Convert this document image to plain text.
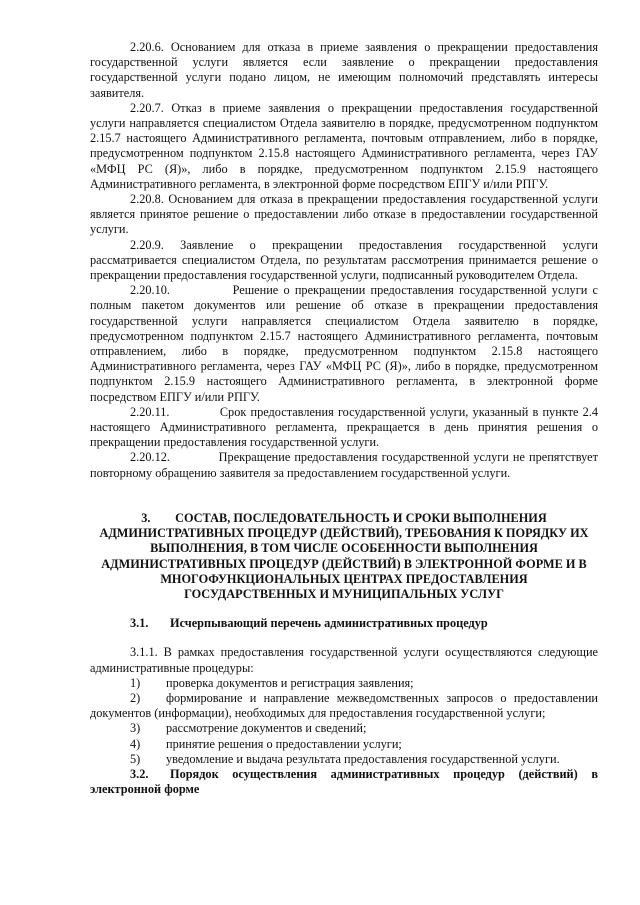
2.20.6. Основанием для отказа в приеме заявления о прекращении предоставления государственной услуги является если заявление о прекращении предоставления государственной услуги подано лицом, не имеющим полномочий представлять интересы заявителя.

2.20.7. Отказ в приеме заявления о прекращении предоставления государственной услуги направляется специалистом Отдела заявителю в порядке, предусмотренном подпунктом 2.15.7 настоящего Административного регламента, почтовым отправлением, либо в порядке, предусмотренном подпунктом 2.15.8 настоящего Административного регламента, через ГАУ «МФЦ РС (Я)», либо в порядке, предусмотренном подпунктом 2.15.9 настоящего Административного регламента, в электронной форме посредством ЕПГУ и/или РПГУ.

2.20.8. Основанием для отказа в прекращении предоставления государственной услуги является принятое решение о предоставлении либо отказе в предоставлении государственной услуги.

2.20.9. Заявление о прекращении предоставления государственной услуги рассматривается специалистом Отдела, по результатам рассмотрения принимается решение о прекращении предоставления государственной услуги, подписанный руководителем Отдела.

2.20.10.            Решение о прекращении предоставления государственной услуги с полным пакетом документов или решение об отказе в прекращении предоставления государственной услуги направляется специалистом Отдела заявителю в порядке, предусмотренном подпунктом 2.15.7 настоящего Административного регламента, почтовым отправлением, либо в порядке, предусмотренном подпунктом 2.15.8 настоящего Административного регламента, через ГАУ «МФЦ РС (Я)», либо в порядке, предусмотренном подпунктом 2.15.9 настоящего Административного регламента, в электронной форме посредством ЕПГУ и/или РПГУ.

2.20.11.            Срок предоставления государственной услуги, указанный в пункте 2.4 настоящего Административного регламента, прекращается в день принятия решения о прекращении предоставления государственной услуги.

2.20.12.            Прекращение предоставления государственной услуги не препятствует повторному обращению заявителя за предоставлением государственной услуги.

3.        СОСТАВ, ПОСЛЕДОВАТЕЛЬНОСТЬ И СРОКИ ВЫПОЛНЕНИЯ АДМИНИСТРАТИВНЫХ ПРОЦЕДУР (ДЕЙСТВИЙ), ТРЕБОВАНИЯ К ПОРЯДКУ ИХ ВЫПОЛНЕНИЯ, В ТОМ ЧИСЛЕ ОСОБЕННОСТИ ВЫПОЛНЕНИЯ АДМИНИСТРАТИВНЫХ ПРОЦЕДУР (ДЕЙСТВИЙ) В ЭЛЕКТРОННОЙ ФОРМЕ И В МНОГОФУНКЦИОНАЛЬНЫХ ЦЕНТРАХ ПРЕДОСТАВЛЕНИЯ ГОСУДАРСТВЕННЫХ И МУНИЦИПАЛЬНЫХ УСЛУГ

3.1. Исчерпывающий перечень административных процедур

3.1.1. В рамках предоставления государственной услуги осуществляются следующие административные процедуры:

1) проверка документов и регистрация заявления;
2) формирование и направление межведомственных запросов о предоставлении документов (информации), необходимых для предоставления государственной услуги;
3) рассмотрение документов и сведений;
4) принятие решения о предоставлении услуги;
5) уведомление и выдача результата предоставления государственной услуги.

3.2. Порядок осуществления административных процедур (действий) в электронной форме
